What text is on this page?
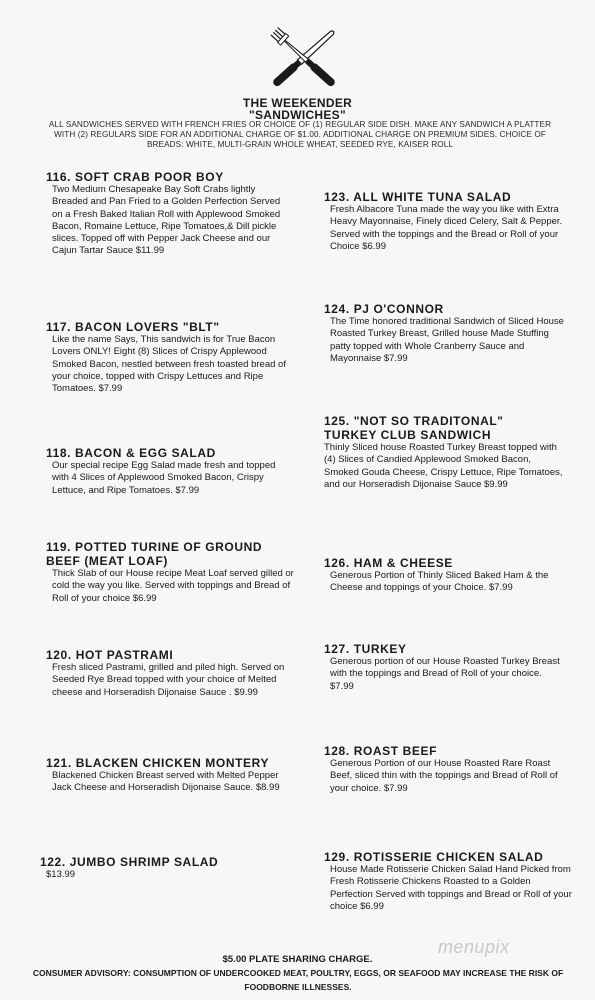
THE WEEKENDER
"SANDWICHES"
ALL SANDWICHES SERVED WITH FRENCH FRIES OR CHOICE OF (1) REGULAR SIDE DISH. MAKE ANY SANDWICH A PLATTER WITH (2) REGULARS SIDE FOR AN ADDITIONAL CHARGE OF $1.00. ADDITIONAL CHARGE ON PREMIUM SIDES. CHOICE OF BREADS: WHITE, MULTI-GRAIN WHOLE WHEAT, SEEDED RYE, KAISER ROLL
116. SOFT CRAB POOR BOY
Two Medium Chesapeake Bay Soft Crabs lightly Breaded and Pan Fried to a Golden Perfection Served on a Fresh Baked Italian Roll with Applewood Smoked Bacon, Romaine Lettuce, Ripe Tomatoes,& Dill pickle slices. Topped off with Pepper Jack Cheese and our Cajun Tartar Sauce $11.99
117. BACON LOVERS "BLT"
Like the name Says, This sandwich is for True Bacon Lovers ONLY! Eight (8) Slices of Crispy Applewood Smoked Bacon, nestled between fresh toasted bread of your choice, topped with Crispy Lettuces and Ripe Tomatoes. $7.99
118. BACON & EGG SALAD
Our special recipe Egg Salad made fresh and topped with 4 Slices of Applewood Smoked Bacon, Crispy Lettuce, and Ripe Tomatoes. $7.99
119. POTTED TURINE OF GROUND
BEEF (MEAT LOAF)
Thick Slab of our House recipe Meat Loaf served gilled or cold the way you like. Served with toppings and Bread of Roll of your choice $6.99
120. HOT PASTRAMI
Fresh sliced Pastrami, grilled and piled high. Served on Seeded Rye Bread topped with your choice of Melted cheese and Horseradish Dijonaise Sauce . $9.99
121. BLACKEN CHICKEN MONTERY
Blackened Chicken Breast served with Melted Pepper Jack Cheese and Horseradish Dijonaise Sauce. $8.99
122. JUMBO SHRIMP SALAD
$13.99
123. ALL WHITE TUNA SALAD
Fresh Albacore Tuna made the way you like with Extra Heavy Mayonnaise, Finely diced Celery, Salt & Pepper. Served with the toppings and the Bread or Roll of your Choice $6.99
124. PJ O'CONNOR
The Time honored traditional Sandwich of Sliced House Roasted Turkey Breast, Grilled house Made Stuffing patty topped with Whole Cranberry Sauce and Mayonnaise $7.99
125. "NOT SO TRADITONAL"
TURKEY CLUB SANDWICH
Thinly Sliced house Roasted Turkey Breast topped with (4) Slices of Candied Applewood Smoked Bacon, Smoked Gouda Cheese, Crispy Lettuce, Ripe Tomatoes, and our Horseradish Dijonaise Sauce $9.99
126. HAM & CHEESE
Generous Portion of Thinly Sliced Baked Ham & the Cheese and toppings of your Choice. $7.99
127. TURKEY
Generous portion of our House Roasted Turkey Breast with the toppings and Bread of Roll of your choice. $7.99
128. ROAST BEEF
Generous Portion of our House Roasted Rare Roast Beef, sliced thin with the toppings and Bread of Roll of your choice. $7.99
129. ROTISSERIE CHICKEN SALAD
House Made Rotisserie Chicken Salad Hand Picked from Fresh Rotisserie Chickens Roasted to a Golden Perfection Served with toppings and Bread or Roll of your choice $6.99
menupix
$5.00 PLATE SHARING CHARGE.
CONSUMER ADVISORY: CONSUMPTION OF UNDERCOOKED MEAT, POULTRY, EGGS, OR SEAFOOD MAY INCREASE THE RISK OF FOODBORNE ILLNESSES.
